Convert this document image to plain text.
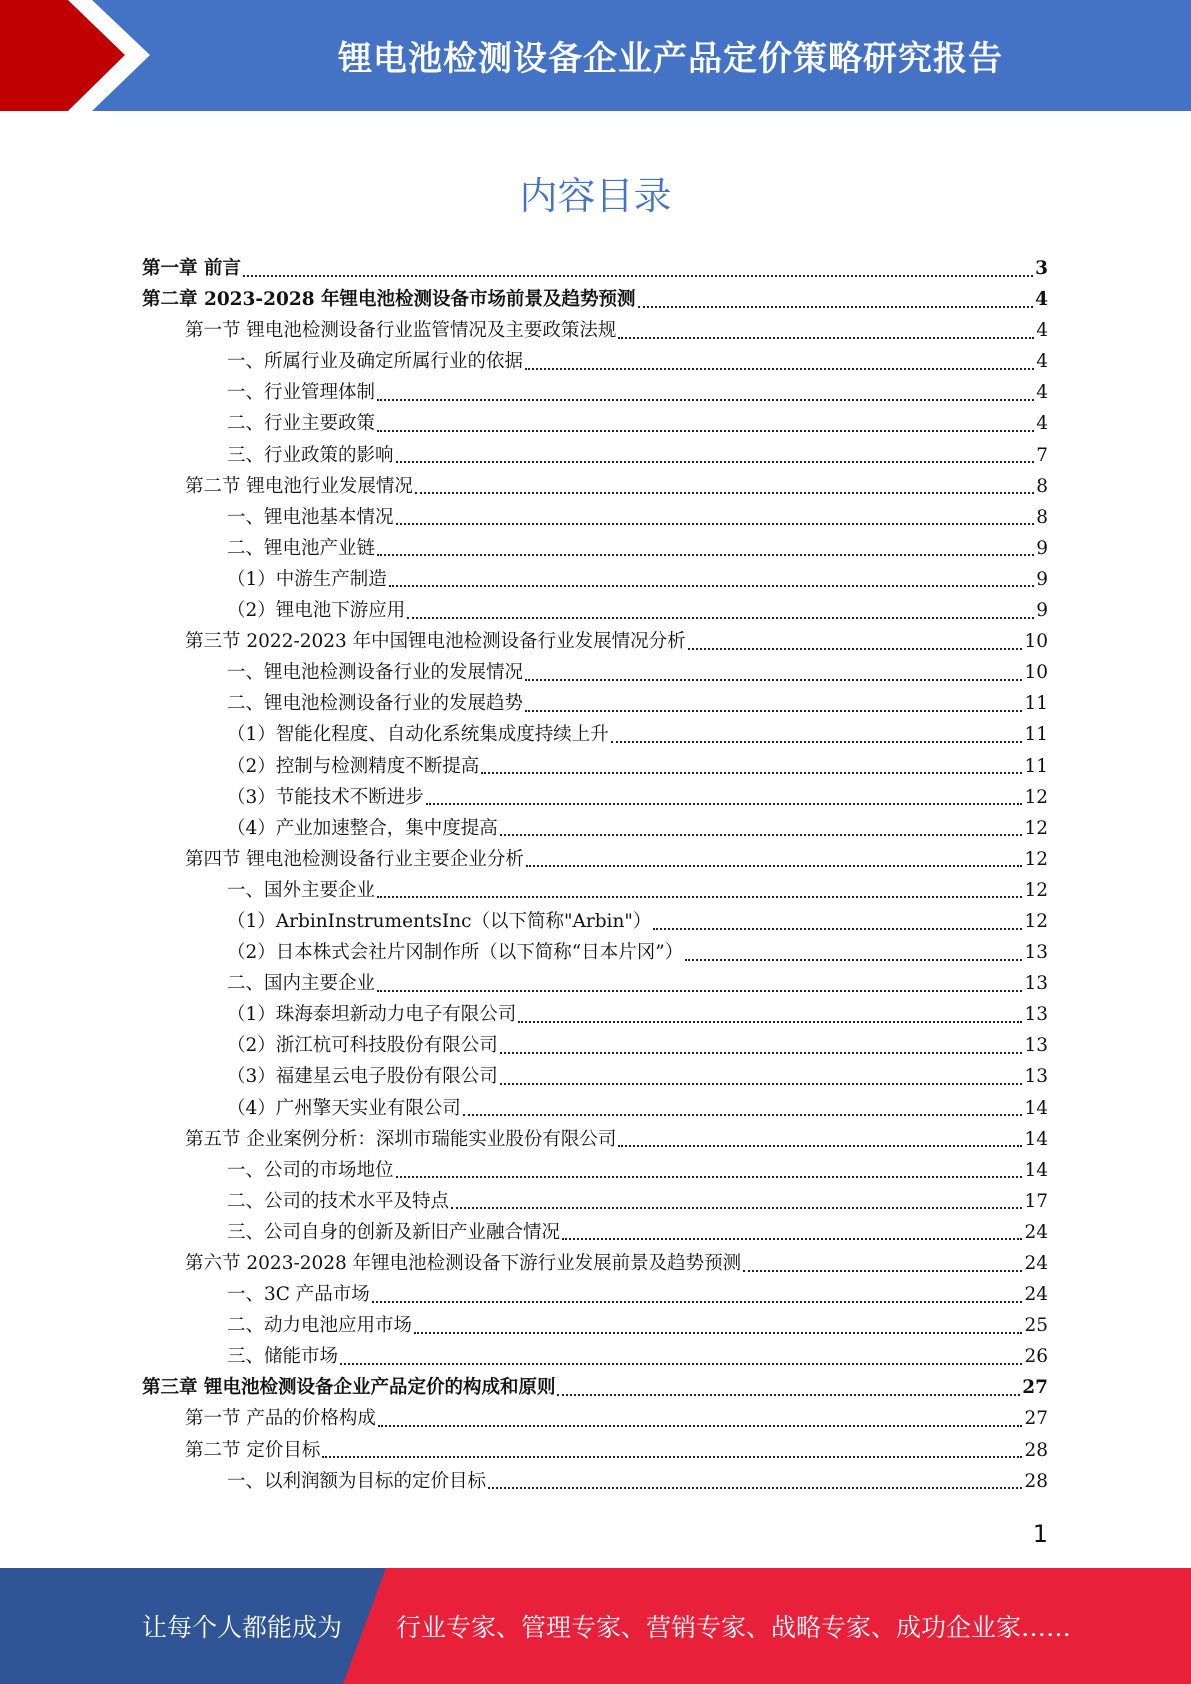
锂电池检测设备企业产品定价策略研究报告
内容目录
第一章 前言	3
第二章 2023-2028 年锂电池检测设备市场前景及趋势预测	4
第一节 锂电池检测设备行业监管情况及主要政策法规	4
一、所属行业及确定所属行业的依据	4
一、行业管理体制	4
二、行业主要政策	4
三、行业政策的影响	7
第二节 锂电池行业发展情况	8
一、锂电池基本情况	8
二、锂电池产业链	9
（1）中游生产制造	9
（2）锂电池下游应用	9
第三节 2022-2023 年中国锂电池检测设备行业发展情况分析	10
一、锂电池检测设备行业的发展情况	10
二、锂电池检测设备行业的发展趋势	11
（1）智能化程度、自动化系统集成度持续上升	11
（2）控制与检测精度不断提高	11
（3）节能技术不断进步	12
（4）产业加速整合，集中度提高	12
第四节 锂电池检测设备行业主要企业分析	12
一、国外主要企业	12
（1）ArbinInstrumentsInc（以下简称"Arbin"）	12
（2）日本株式会社片冈制作所（以下简称“日本片冈”）	13
二、国内主要企业	13
（1）珠海泰坦新动力电子有限公司	13
（2）浙江杭可科技股份有限公司	13
（3）福建星云电子股份有限公司	13
（4）广州擎天实业有限公司	14
第五节 企业案例分析：深圳市瑞能实业股份有限公司	14
一、公司的市场地位	14
二、公司的技术水平及特点	17
三、公司自身的创新及新旧产业融合情况	24
第六节 2023-2028 年锂电池检测设备下游行业发展前景及趋势预测	24
一、3C 产品市场	24
二、动力电池应用市场	25
三、储能市场	26
第三章 锂电池检测设备企业产品定价的构成和原则	27
第一节 产品的价格构成	27
第二节 定价目标	28
一、以利润额为目标的定价目标	28
1
让每个人都能成为 行业专家、管理专家、营销专家、战略专家、成功企业家……
